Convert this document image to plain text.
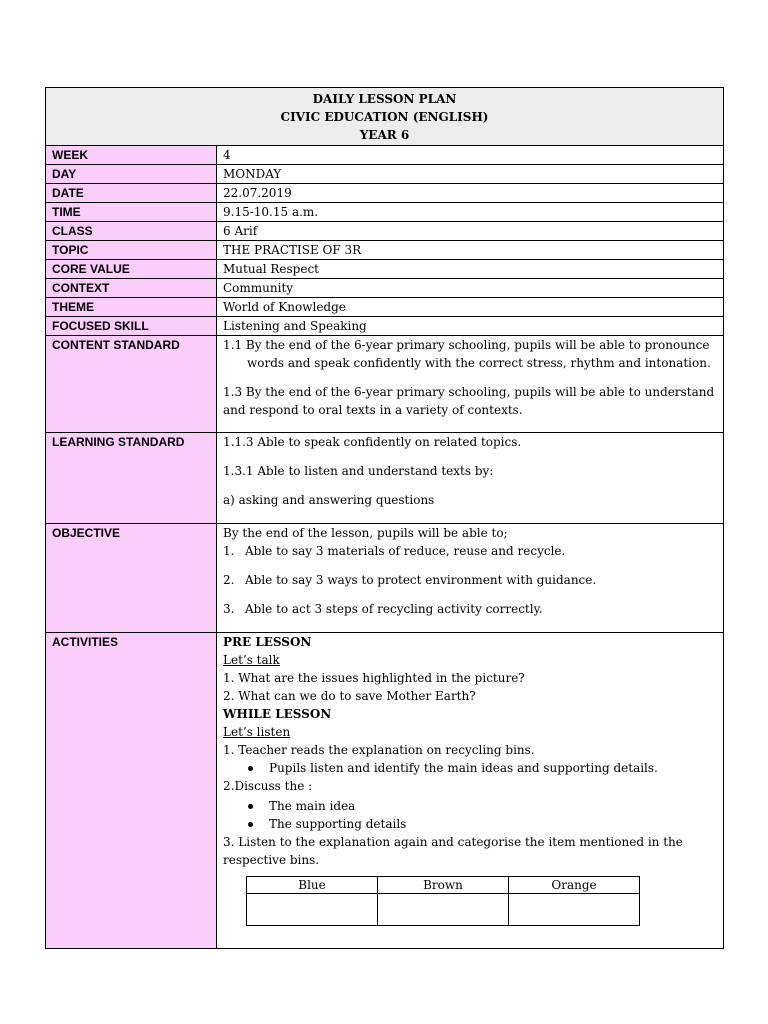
DAILY LESSON PLAN
CIVIC EDUCATION (ENGLISH)
YEAR 6

WEEK	4
DAY	MONDAY
DATE	22.07.2019
TIME	9.15-10.15 a.m.
CLASS	6 Arif
TOPIC	THE PRACTISE OF 3R
CORE VALUE	Mutual Respect
CONTEXT	Community
THEME	World of Knowledge
FOCUSED SKILL	Listening and Speaking
CONTENT STANDARD	1.1 By the end of the 6-year primary schooling, pupils will be able to pronounce words and speak confidently with the correct stress, rhythm and intonation.

1.3 By the end of the 6-year primary schooling, pupils will be able to understand and respond to oral texts in a variety of contexts.

LEARNING STANDARD	1.1.3 Able to speak confidently on related topics.

1.3.1 Able to listen and understand texts by:

a) asking and answering questions

OBJECTIVE	By the end of the lesson, pupils will be able to;

1. Able to say 3 materials of reduce, reuse and recycle.
2. Able to say 3 ways to protect environment with guidance.
3. Able to act 3 steps of recycling activity correctly.

ACTIVITIES	PRE LESSON
Let’s talk
1. What are the issues highlighted in the picture?
2. What can we do to save Mother Earth?
WHILE LESSON
Let’s listen
1. Teacher reads the explanation on recycling bins.
Pupils listen and identify the main ideas and supporting details.
2.Discuss the :
The main idea
The supporting details
3. Listen to the explanation again and categorise the item mentioned in the respective bins.
Blue	Brown	Orange
